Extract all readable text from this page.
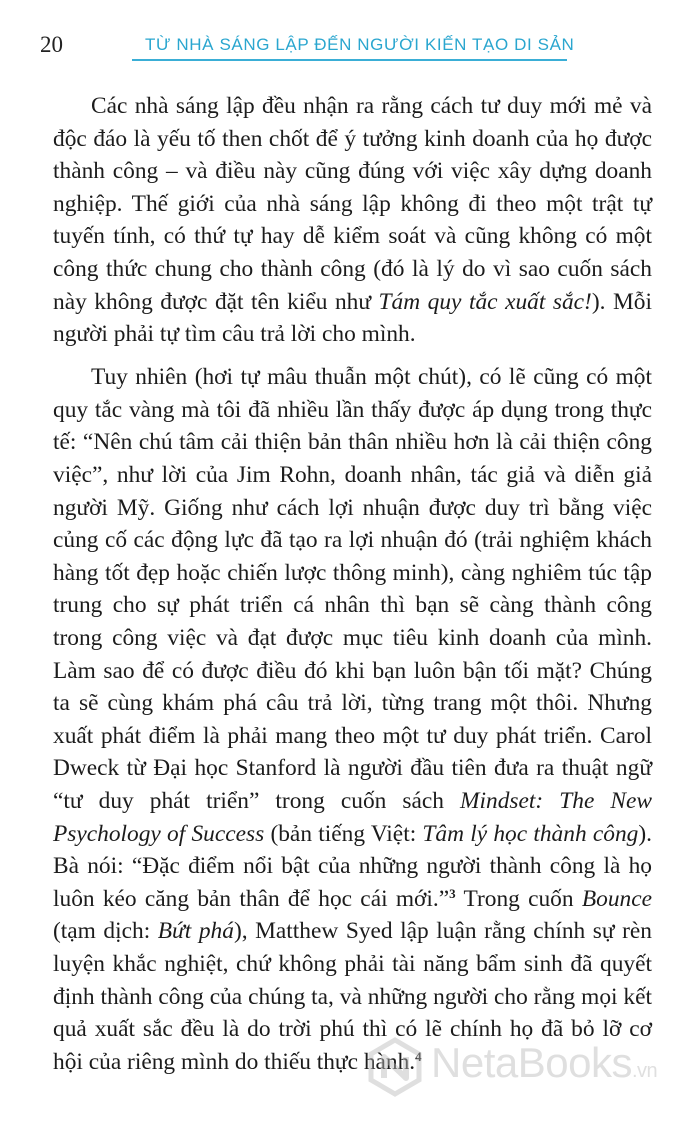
20	TỪ NHÀ SÁNG LẬP ĐẾN NGƯỜI KIẾN TẠO DI SẢN

Các nhà sáng lập đều nhận ra rằng cách tư duy mới mẻ và độc đáo là yếu tố then chốt để ý tưởng kinh doanh của họ được thành công – và điều này cũng đúng với việc xây dựng doanh nghiệp. Thế giới của nhà sáng lập không đi theo một trật tự tuyến tính, có thứ tự hay dễ kiểm soát và cũng không có một công thức chung cho thành công (đó là lý do vì sao cuốn sách này không được đặt tên kiểu như Tám quy tắc xuất sắc!). Mỗi người phải tự tìm câu trả lời cho mình.

Tuy nhiên (hơi tự mâu thuẫn một chút), có lẽ cũng có một quy tắc vàng mà tôi đã nhiều lần thấy được áp dụng trong thực tế: “Nên chú tâm cải thiện bản thân nhiều hơn là cải thiện công việc”, như lời của Jim Rohn, doanh nhân, tác giả và diễn giả người Mỹ. Giống như cách lợi nhuận được duy trì bằng việc củng cố các động lực đã tạo ra lợi nhuận đó (trải nghiệm khách hàng tốt đẹp hoặc chiến lược thông minh), càng nghiêm túc tập trung cho sự phát triển cá nhân thì bạn sẽ càng thành công trong công việc và đạt được mục tiêu kinh doanh của mình. Làm sao để có được điều đó khi bạn luôn bận tối mặt? Chúng ta sẽ cùng khám phá câu trả lời, từng trang một thôi. Nhưng xuất phát điểm là phải mang theo một tư duy phát triển. Carol Dweck từ Đại học Stanford là người đầu tiên đưa ra thuật ngữ “tư duy phát triển” trong cuốn sách Mindset: The New Psychology of Success (bản tiếng Việt: Tâm lý học thành công). Bà nói: “Đặc điểm nổi bật của những người thành công là họ luôn kéo căng bản thân để học cái mới.”$^3$ Trong cuốn Bounce (tạm dịch: Bứt phá), Matthew Syed lập luận rằng chính sự rèn luyện khắc nghiệt, chứ không phải tài năng bẩm sinh đã quyết định thành công của chúng ta, và những người cho rằng mọi kết quả xuất sắc đều là do trời phú thì có lẽ chính họ đã bỏ lỡ cơ hội của riêng mình do thiếu thực hành.$^4$ NetaBooks.vn
